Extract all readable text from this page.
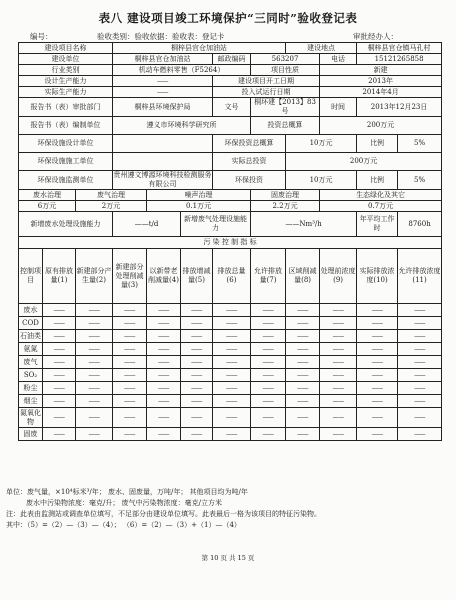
表八 建设项目竣工环境保护“三同时”验收登记表
编号：	验收类别：验收依据：验收表：登记卡	审批经办人：
建设项目名称			桐梓县官仓加油站					建设地点		桐梓县官仓镇马孔村	
建设单位			桐梓县官仓加油站			邮政编码	563207		电话	15121265858	
行业类别			机动车燃料零售（F5264）				项目性质		新建		
设计生产能力			——			建设项目开工日期			2013年		
实际生产能力			——			投入试运行日期			2014年4月		
报告书（表）审批部门			桐梓县环境保护局			文号	桐环建【2013】83号		时间	2013年12月23日	
报告书（表）编制单位			遵义市环境科学研究所				投资总概算		200万元		
环保设施设计单位						环保投资总概算		10万元		比例	5%
环保设施施工单位						实际总投资		200万元			
环保设施监测单位			贵州遵文博源环境科技检测服务有限公司			环保投资		10万元		比例	5%
废水治理		废气治理		噪声治理			固废治理		生态绿化及其它		
6万元		2万元		0.1万元			2.2万元		0.7万元		
新增废水处理设施能力			——t/d		新增废气处理设施能力		——Nm³/h			年平均工作时	8760h
污 染 控 制 指 标											
控制项目	原有排放量(1)	新建部分产生量(2)	新建部分处理削减量(3)	以新带老削减量(4)	排放增减量(5)	排放总量(6)	允许排放量(7)	区域削减量(8)	处理前浓度(9)	实际排放浓度(10)	允许排放浓度(11)
废水	——	——	——	——	——	——	——	——	——	——	——
COD	——	——	——	——	——	——	——	——	——	——	——
石油类	——	——	——	——	——	——	——	——	——	——	——
氨氮	——	——	——	——	——	——	——	——	——	——	——
废气	——	——	——	——	——	——	——	——	——	——	——
SO₂	——	——	——	——	——	——	——	——	——	——	——
粉尘	——	——	——	——	——	——	——	——	——	——	——
烟尘	——	——	——	——	——	——	——	——	——	——	——
氮氧化物	——	——	——	——	——	——	——	——	——	——	——
固废	——	——	——	——	——	——	——	——	——	——	——
单位：废气量，×10⁴标米³/年； 废水、固废量，万吨/年； 其他项目均为吨/年
废水中污染物浓度：毫克/升； 废气中污染物浓度：毫克/立方米
注：此表由监测站或调查单位填写，不足部分由建设单位填写。此表最后一格为该项目的特征污染物。
其中：（5）=（2）—（3）—（4）； （6）=（2）—（3）+（1）—（4）
第 10 页 共 15 页
